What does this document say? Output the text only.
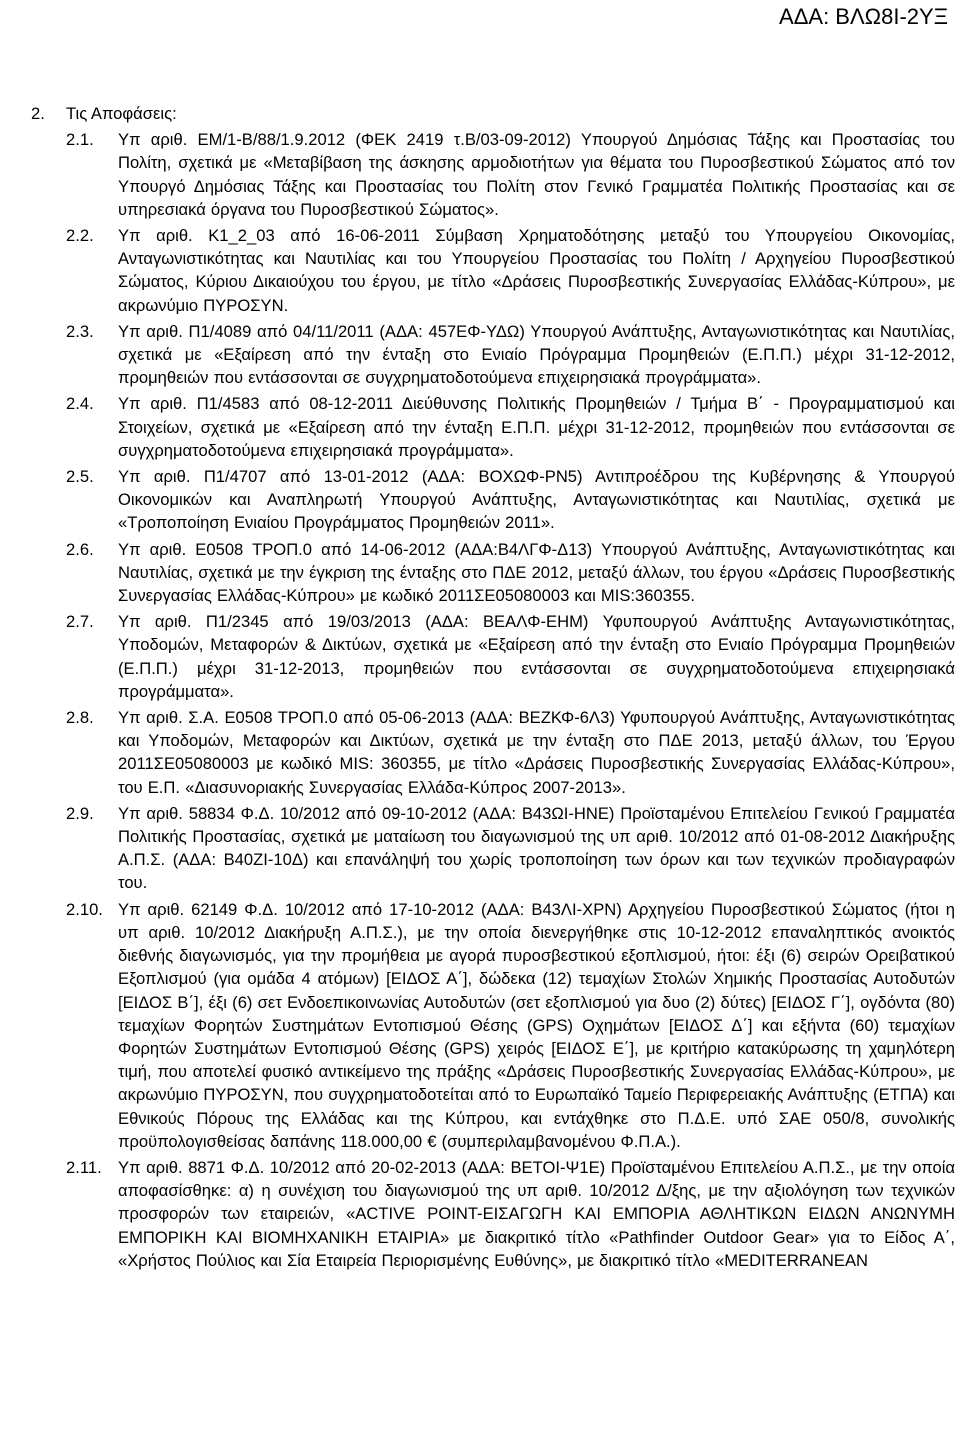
ΑΔΑ: ΒΛΩ8Ι-2ΥΞ
2. Τις Αποφάσεις:
2.1. Υπ αριθ. ΕΜ/1-Β/88/1.9.2012 (ΦΕΚ 2419 τ.Β/03-09-2012) Υπουργού Δημόσιας Τάξης και Προστασίας του Πολίτη, σχετικά με «Μεταβίβαση της άσκησης αρμοδιοτήτων για θέματα του Πυροσβεστικού Σώματος από τον Υπουργό Δημόσιας Τάξης και Προστασίας του Πολίτη στον Γενικό Γραμματέα Πολιτικής Προστασίας και σε υπηρεσιακά όργανα του Πυροσβεστικού Σώματος».
2.2. Υπ αριθ. Κ1_2_03 από 16-06-2011 Σύμβαση Χρηματοδότησης μεταξύ του Υπουργείου Οικονομίας, Ανταγωνιστικότητας και Ναυτιλίας και του Υπουργείου Προστασίας του Πολίτη / Αρχηγείου Πυροσβεστικού Σώματος, Κύριου Δικαιούχου του έργου, με τίτλο «Δράσεις Πυροσβεστικής Συνεργασίας Ελλάδας-Κύπρου», με ακρωνύμιο ΠΥΡΟΣΥΝ.
2.3. Υπ αριθ. Π1/4089 από 04/11/2011 (ΑΔΑ: 457ΕΦ-ΥΔΩ) Υπουργού Ανάπτυξης, Ανταγωνιστικότητας και Ναυτιλίας, σχετικά με «Εξαίρεση από την ένταξη στο Ενιαίο Πρόγραμμα Προμηθειών (Ε.Π.Π.) μέχρι 31-12-2012, προμηθειών που εντάσσονται σε συγχρηματοδοτούμενα επιχειρησιακά προγράμματα».
2.4. Υπ αριθ. Π1/4583 από 08-12-2011 Διεύθυνσης Πολιτικής Προμηθειών / Τμήμα Β΄ - Προγραμματισμού και Στοιχείων, σχετικά με «Εξαίρεση από την ένταξη Ε.Π.Π. μέχρι 31-12-2012, προμηθειών που εντάσσονται σε συγχρηματοδοτούμενα επιχειρησιακά προγράμματα».
2.5. Υπ αριθ. Π1/4707 από 13-01-2012 (ΑΔΑ: ΒΟΧΩΦ-ΡΝ5) Αντιπροέδρου της Κυβέρνησης & Υπουργού Οικονομικών και Αναπληρωτή Υπουργού Ανάπτυξης, Ανταγωνιστικότητας και Ναυτιλίας, σχετικά με «Τροποποίηση Ενιαίου Προγράμματος Προμηθειών 2011».
2.6. Υπ αριθ. Ε0508 ΤΡΟΠ.0 από 14-06-2012 (ΑΔΑ:Β4ΛΓΦ-Δ13) Υπουργού Ανάπτυξης, Ανταγωνιστικότητας και Ναυτιλίας, σχετικά με την έγκριση της ένταξης στο ΠΔΕ 2012, μεταξύ άλλων, του έργου «Δράσεις Πυροσβεστικής Συνεργασίας Ελλάδας-Κύπρου» με κωδικό 2011ΣΕ05080003 και MIS:360355.
2.7. Υπ αριθ. Π1/2345 από 19/03/2013 (ΑΔΑ: ΒΕΑΛΦ-ΕΗΜ) Υφυπουργού Ανάπτυξης Ανταγωνιστικότητας, Υποδομών, Μεταφορών & Δικτύων, σχετικά με «Εξαίρεση από την ένταξη στο Ενιαίο Πρόγραμμα Προμηθειών (Ε.Π.Π.) μέχρι 31-12-2013, προμηθειών που εντάσσονται σε συγχρηματοδοτούμενα επιχειρησιακά προγράμματα».
2.8. Υπ αριθ. Σ.Α. Ε0508 ΤΡΟΠ.0 από 05-06-2013 (ΑΔΑ: ΒΕΖΚΦ-6Λ3) Υφυπουργού Ανάπτυξης, Ανταγωνιστικότητας και Υποδομών, Μεταφορών και Δικτύων, σχετικά με την ένταξη στο ΠΔΕ 2013, μεταξύ άλλων, του Έργου 2011ΣΕ05080003 με κωδικό MIS: 360355, με τίτλο «Δράσεις Πυροσβεστικής Συνεργασίας Ελλάδας-Κύπρου», του Ε.Π. «Διασυνοριακής Συνεργασίας Ελλάδα-Κύπρος 2007-2013».
2.9. Υπ αριθ. 58834 Φ.Δ. 10/2012 από 09-10-2012 (ΑΔΑ: Β43ΩΙ-ΗΝΕ) Προϊσταμένου Επιτελείου Γενικού Γραμματέα Πολιτικής Προστασίας, σχετικά με ματαίωση του διαγωνισμού της υπ αριθ. 10/2012 από 01-08-2012 Διακήρυξης Α.Π.Σ. (ΑΔΑ: Β40ΖΙ-10Δ) και επανάληψή του χωρίς τροποποίηση των όρων και των τεχνικών προδιαγραφών του.
2.10. Υπ αριθ. 62149 Φ.Δ. 10/2012 από 17-10-2012 (ΑΔΑ: Β43ΛΙ-ΧΡΝ) Αρχηγείου Πυροσβεστικού Σώματος (ήτοι η υπ αριθ. 10/2012 Διακήρυξη Α.Π.Σ.), με την οποία διενεργήθηκε στις 10-12-2012 επαναληπτικός ανοικτός διεθνής διαγωνισμός, για την προμήθεια με αγορά πυροσβεστικού εξοπλισμού, ήτοι: έξι (6) σειρών Ορειβατικού Εξοπλισμού (για ομάδα 4 ατόμων) [ΕΙΔΟΣ Α΄], δώδεκα (12) τεμαχίων Στολών Χημικής Προστασίας Αυτοδυτών [ΕΙΔΟΣ Β΄], έξι (6) σετ Ενδοεπικοινωνίας Αυτοδυτών (σετ εξοπλισμού για δυο (2) δύτες) [ΕΙΔΟΣ Γ΄], ογδόντα (80) τεμαχίων Φορητών Συστημάτων Εντοπισμού Θέσης (GPS) Οχημάτων [ΕΙΔΟΣ Δ΄] και εξήντα (60) τεμαχίων Φορητών Συστημάτων Εντοπισμού Θέσης (GPS) χειρός [ΕΙΔΟΣ Ε΄], με κριτήριο κατακύρωσης τη χαμηλότερη τιμή, που αποτελεί φυσικό αντικείμενο της πράξης «Δράσεις Πυροσβεστικής Συνεργασίας Ελλάδας-Κύπρου», με ακρωνύμιο ΠΥΡΟΣΥΝ, που συγχρηματοδοτείται από το Ευρωπαϊκό Ταμείο Περιφερειακής Ανάπτυξης (ΕΤΠΑ) και Εθνικούς Πόρους της Ελλάδας και της Κύπρου, και εντάχθηκε στο Π.Δ.Ε. υπό ΣΑΕ 050/8, συνολικής προϋπολογισθείσας δαπάνης 118.000,00 € (συμπεριλαμβανομένου Φ.Π.Α.).
2.11. Υπ αριθ. 8871 Φ.Δ. 10/2012 από 20-02-2013 (ΑΔΑ: ΒΕΤΟΙ-Ψ1Ε) Προϊσταμένου Επιτελείου Α.Π.Σ., με την οποία αποφασίσθηκε: α) η συνέχιση του διαγωνισμού της υπ αριθ. 10/2012 Δ/ξης, με την αξιολόγηση των τεχνικών προσφορών των εταιρειών, «ACTIVE POINT-ΕΙΣΑΓΩΓΗ ΚΑΙ ΕΜΠΟΡΙΑ ΑΘΛΗΤΙΚΩΝ ΕΙΔΩΝ ΑΝΩΝΥΜΗ ΕΜΠΟΡΙΚΗ ΚΑΙ ΒΙΟΜΗΧΑΝΙΚΗ ΕΤΑΙΡΙΑ» με διακριτικό τίτλο «Pathfinder Outdoor Gear» για το Είδος Α΄, «Χρήστος Πούλιος και Σία Εταιρεία Περιορισμένης Ευθύνης», με διακριτικό τίτλο «MEDITERRANEAN
